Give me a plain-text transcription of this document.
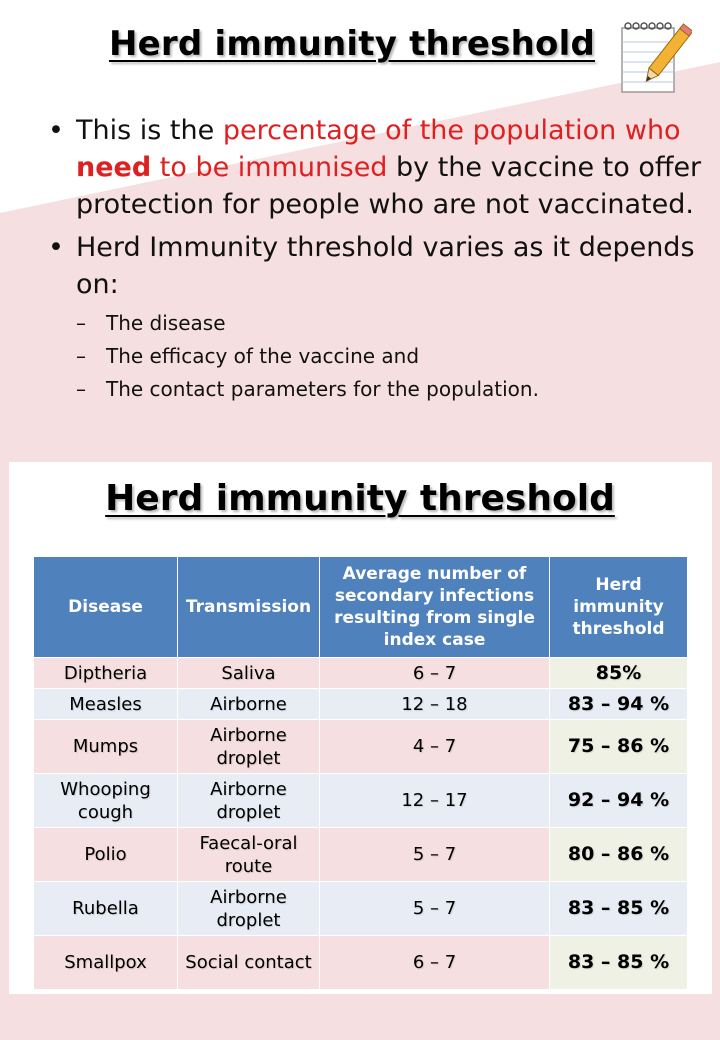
Herd immunity threshold
• This is the percentage of the population who need to be immunised by the vaccine to offer protection for people who are not vaccinated.
• Herd Immunity threshold varies as it depends on:
– The disease
– The efficacy of the vaccine and
– The contact parameters for the population.
Herd immunity threshold
Disease	Transmission	Average number of secondary infections resulting from single index case	Herd immunity threshold
Diptheria	Saliva	6 – 7	85%
Measles	Airborne	12 – 18	83 – 94 %
Mumps	Airborne droplet	4 – 7	75 – 86 %
Whooping cough	Airborne droplet	12 – 17	92 – 94 %
Polio	Faecal-oral route	5 – 7	80 – 86 %
Rubella	Airborne droplet	5 – 7	83 – 85 %
Smallpox	Social contact	6 – 7	83 – 85 %
